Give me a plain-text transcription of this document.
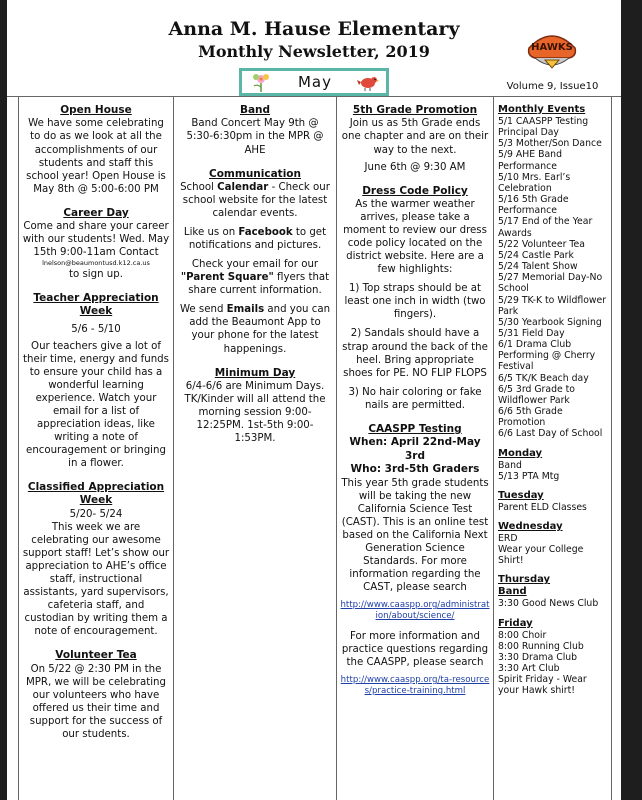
Anna M. Hause Elementary
Monthly Newsletter, 2019	HAWKS
May
Open House
We have some celebrating to do as we look at all the accomplishments of our students and staff this school year! Open House is May 8th @ 5:00-6:00 PM
Career Day
Come and share your career with our students! Wed. May 15th 9:00-11am Contact
lnelson@beaumontusd.k12.ca.us
to sign up.
Teacher Appreciation Week
5/6 - 5/10
Our teachers give a lot of their time, energy and funds to ensure your child has a wonderful learning experience. Watch your email for a list of appreciation ideas, like writing a note of encouragement or bringing in a flower.
Classified Appreciation Week
5/20- 5/24
This week we are celebrating our awesome support staff! Let’s show our appreciation to AHE’s office staff, instructional assistants, yard supervisors, cafeteria staff, and custodian by writing them a note of encouragement.
Volunteer Tea
On 5/22 @ 2:30 PM in the MPR, we will be celebrating our volunteers who have offered us their time and support for the success of our students.
Band
Band Concert May 9th @ 5:30-6:30pm in the MPR @ AHE
Communication

School Calendar - Check our school website for the latest calendar events.

Like us on Facebook to get notifications and pictures.

Check your email for our "Parent Square" flyers that share current information.

We send Emails and you can add the Beaumont App to your phone for the latest happenings.

Minimum Day
6/4-6/6 are Minimum Days.
TK/Kinder will all attend the morning session 9:00-12:25PM. 1st-5th 9:00-1:53PM.
5th Grade Promotion
Join us as 5th Grade ends one chapter and are on their way to the next.
June 6th @ 9:30 AM
Dress Code Policy

As the warmer weather arrives, please take a moment to review our dress code policy located on the district website. Here are a few highlights:

1) Top straps should be at least one inch in width (two fingers).

2) Sandals should have a strap around the back of the heel. Bring appropriate shoes for PE. NO FLIP FLOPS

3) No hair coloring or fake nails are permitted.

CAASPP Testing
When: April 22nd-May 3rd
Who: 3rd-5th Graders

This year 5th grade students will be taking the new California Science Test (CAST). This is an online test based on the California Next Generation Science Standards. For more information regarding the CAST, please search

http://www.caaspp.org/administration/about/science/

For more information and practice questions regarding the CAASPP, please search

http://www.caaspp.org/ta-resources/practice-training.html

Monthly Events
5/1 CAASPP Testing Principal Day
5/3 Mother/Son Dance
5/9 AHE Band Performance
5/10 Mrs. Earl’s Celebration
5/16 5th Grade Performance
5/17 End of the Year Awards
5/22 Volunteer Tea
5/24 Castle Park
5/24 Talent Show
5/27 Memorial Day-No School
5/29 TK-K to Wildflower Park
5/30 Yearbook Signing
5/31 Field Day
6/1 Drama Club Performing @ Cherry Festival
6/5 TK/K Beach day
6/5 3rd Grade to Wildflower Park
6/6 5th Grade Promotion
6/6 Last Day of School
Monday
Band
5/13 PTA Mtg
Tuesday
Parent ELD Classes
Wednesday
ERD
Wear your College Shirt!
Thursday
Band
3:30 Good News Club
Friday
8:00 Choir
8:00 Running Club
3:30 Drama Club
3:30 Art Club
Spirit Friday - Wear your Hawk shirt!
Volume 9, Issue10
